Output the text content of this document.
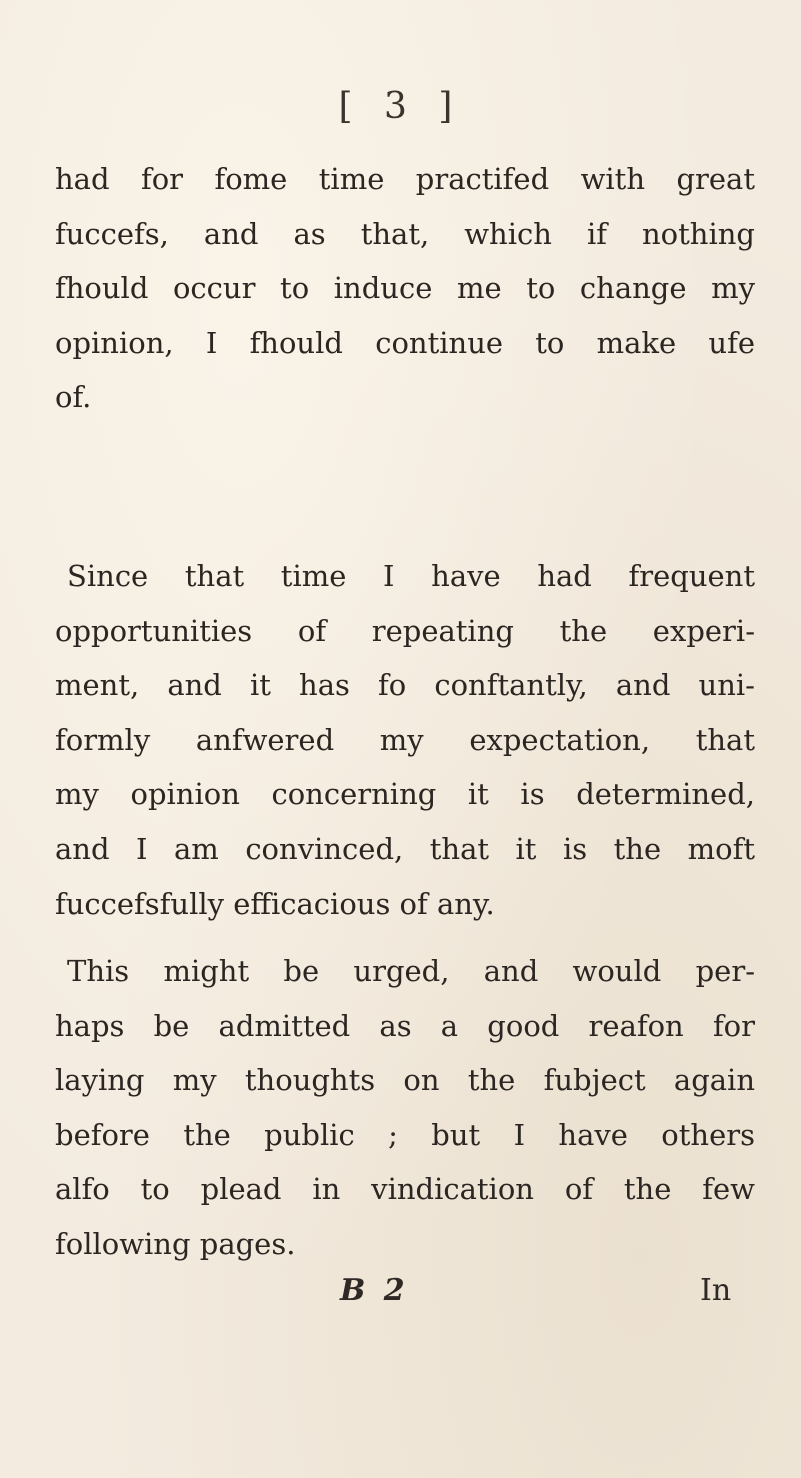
[ 3 ]
had for fome time practifed with great
fuccefs, and as that, which if nothing
fhould occur to induce me to change my
opinion, I fhould continue to make ufe
of.
Since that time I have had frequent
opportunities of repeating the experi-
ment, and it has fo conftantly, and uni-
formly anfwered my expectation, that
my opinion concerning it is determined,
and I am convinced, that it is the moft
fuccefsfully efficacious of any.
This might be urged, and would per-
haps be admitted as a good reafon for
laying my thoughts on the fubject again
before the public ; but I have others
alfo to plead in vindication of the few
following pages.
B 2	In
